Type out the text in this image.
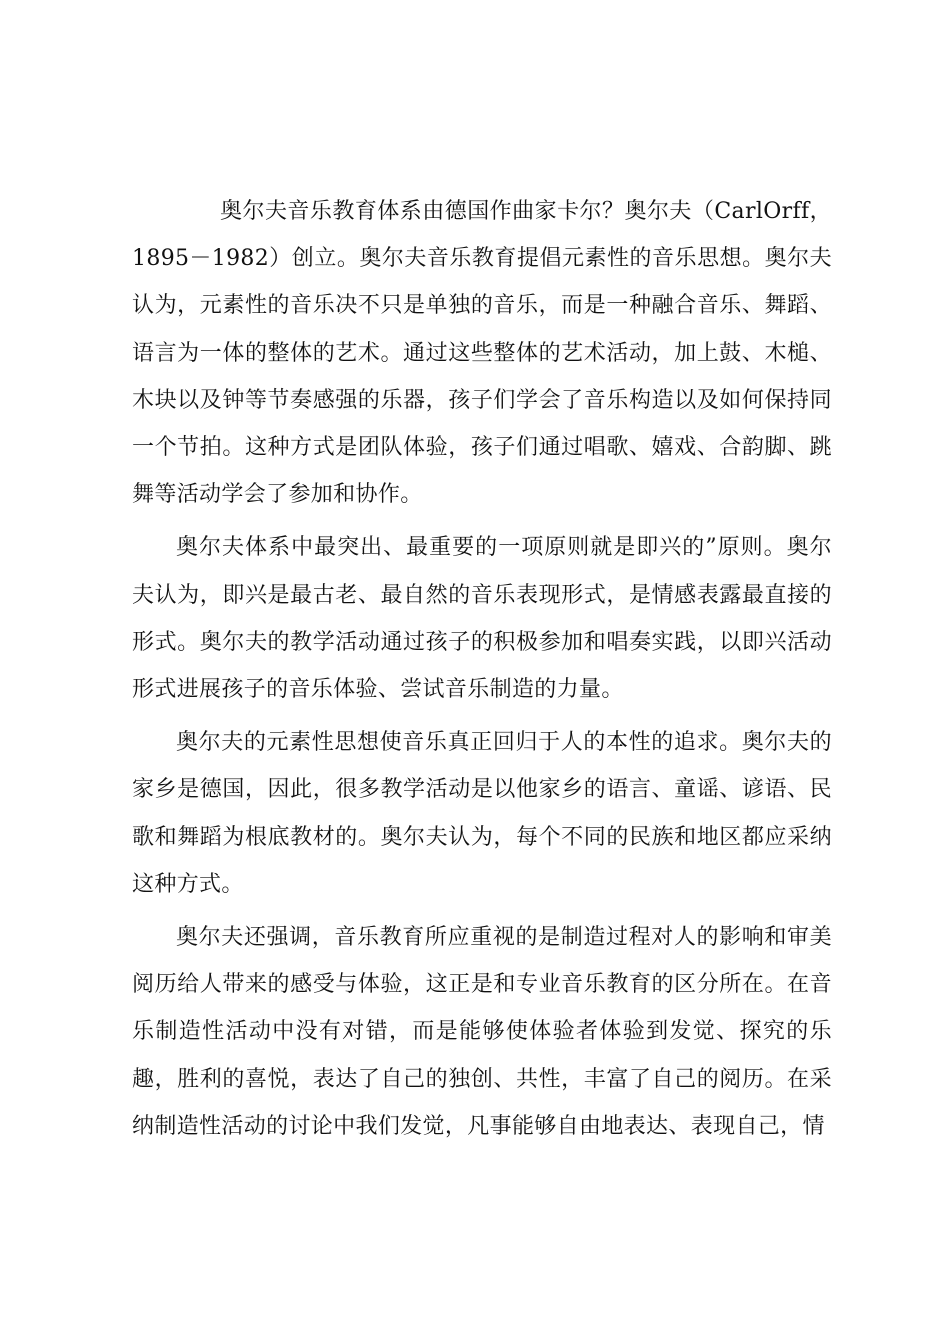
奥尔夫音乐教育体系由德国作曲家卡尔？奥尔夫（CarlOrff，1895－1982）创立。奥尔夫音乐教育提倡元素性的音乐思想。奥尔夫认为，元素性的音乐决不只是单独的音乐，而是一种融合音乐、舞蹈、语言为一体的整体的艺术。通过这些整体的艺术活动，加上鼓、木槌、木块以及钟等节奏感强的乐器，孩子们学会了音乐构造以及如何保持同一个节拍。这种方式是团队体验，孩子们通过唱歌、嬉戏、合韵脚、跳舞等活动学会了参加和协作。

奥尔夫体系中最突出、最重要的一项原则就是即兴的”原则。奥尔夫认为，即兴是最古老、最自然的音乐表现形式，是情感表露最直接的形式。奥尔夫的教学活动通过孩子的积极参加和唱奏实践，以即兴活动形式进展孩子的音乐体验、尝试音乐制造的力量。

奥尔夫的元素性思想使音乐真正回归于人的本性的追求。奥尔夫的家乡是德国，因此，很多教学活动是以他家乡的语言、童谣、谚语、民歌和舞蹈为根底教材的。奥尔夫认为，每个不同的民族和地区都应采纳这种方式。

奥尔夫还强调，音乐教育所应重视的是制造过程对人的影响和审美阅历给人带来的感受与体验，这正是和专业音乐教育的区分所在。在音乐制造性活动中没有对错，而是能够使体验者体验到发觉、探究的乐趣，胜利的喜悦，表达了自己的独创、共性，丰富了自己的阅历。在采纳制造性活动的讨论中我们发觉，凡事能够自由地表达、表现自己，情
